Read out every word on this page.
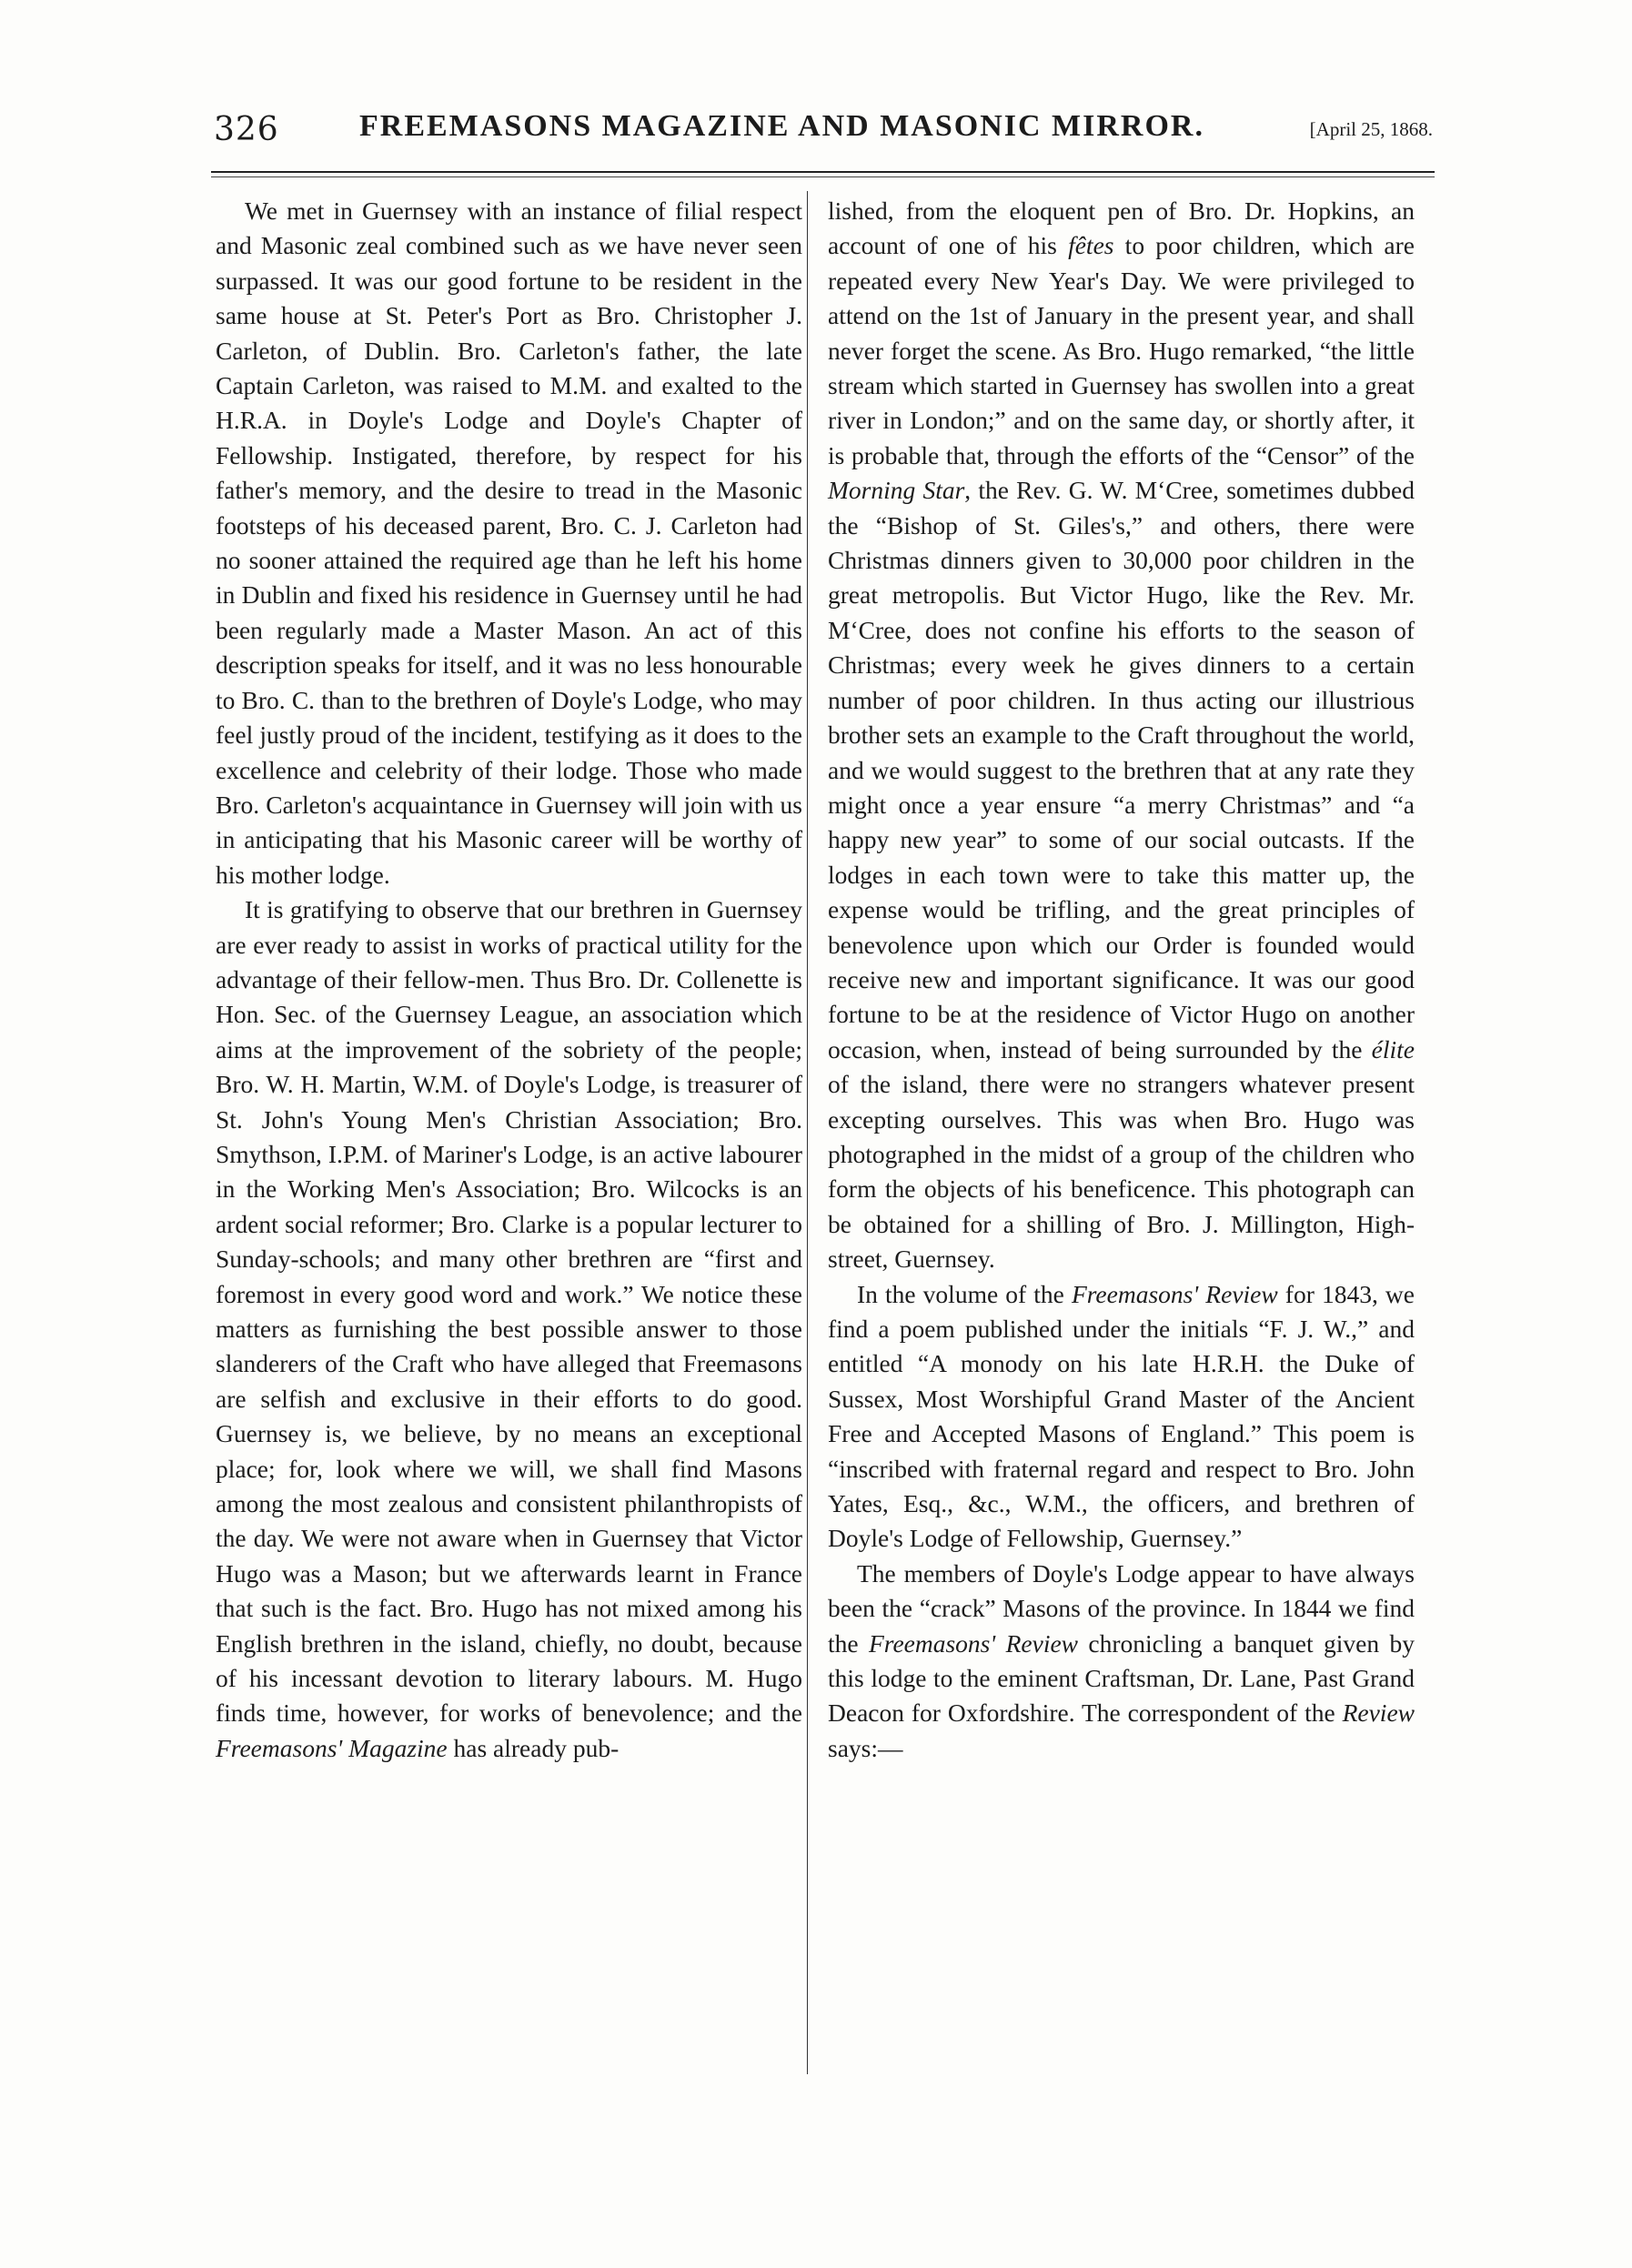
326	FREEMASONS MAGAZINE AND MASONIC MIRROR.	[April 25, 1868.

We met in Guernsey with an instance of filial respect and Masonic zeal combined such as we have never seen surpassed. It was our good fortune to be resident in the same house at St. Peter's Port as Bro. Christopher J. Carleton, of Dublin. Bro. Carleton's father, the late Captain Carleton, was raised to M.M. and exalted to the H.R.A. in Doyle's Lodge and Doyle's Chapter of Fellowship. Instigated, therefore, by respect for his father's memory, and the desire to tread in the Masonic footsteps of his deceased parent, Bro. C. J. Carleton had no sooner attained the required age than he left his home in Dublin and fixed his residence in Guernsey until he had been regularly made a Master Mason. An act of this description speaks for itself, and it was no less honourable to Bro. C. than to the brethren of Doyle's Lodge, who may feel justly proud of the incident, testifying as it does to the excellence and celebrity of their lodge. Those who made Bro. Carleton's acquaintance in Guernsey will join with us in anticipating that his Masonic career will be worthy of his mother lodge.

It is gratifying to observe that our brethren in Guernsey are ever ready to assist in works of practical utility for the advantage of their fellow-men. Thus Bro. Dr. Collenette is Hon. Sec. of the Guernsey League, an association which aims at the improvement of the sobriety of the people; Bro. W. H. Martin, W.M. of Doyle's Lodge, is treasurer of St. John's Young Men's Christian Association; Bro. Smythson, I.P.M. of Mariner's Lodge, is an active labourer in the Working Men's Association; Bro. Wilcocks is an ardent social reformer; Bro. Clarke is a popular lecturer to Sunday-schools; and many other brethren are “first and foremost in every good word and work.” We notice these matters as furnishing the best possible answer to those slanderers of the Craft who have alleged that Freemasons are selfish and exclusive in their efforts to do good. Guernsey is, we believe, by no means an exceptional place; for, look where we will, we shall find Masons among the most zealous and consistent philanthropists of the day. We were not aware when in Guernsey that Victor Hugo was a Mason; but we afterwards learnt in France that such is the fact. Bro. Hugo has not mixed among his English brethren in the island, chiefly, no doubt, because of his incessant devotion to literary labours. M. Hugo finds time, however, for works of benevolence; and the Freemasons' Magazine has already pub-

lished, from the eloquent pen of Bro. Dr. Hopkins, an account of one of his fêtes to poor children, which are repeated every New Year's Day. We were privileged to attend on the 1st of January in the present year, and shall never forget the scene. As Bro. Hugo remarked, “the little stream which started in Guernsey has swollen into a great river in London;” and on the same day, or shortly after, it is probable that, through the efforts of the “Censor” of the Morning Star, the Rev. G. W. M‘Cree, sometimes dubbed the “Bishop of St. Giles's,” and others, there were Christmas dinners given to 30,000 poor children in the great metropolis. But Victor Hugo, like the Rev. Mr. M‘Cree, does not confine his efforts to the season of Christmas; every week he gives dinners to a certain number of poor children. In thus acting our illustrious brother sets an example to the Craft throughout the world, and we would suggest to the brethren that at any rate they might once a year ensure “a merry Christmas” and “a happy new year” to some of our social outcasts. If the lodges in each town were to take this matter up, the expense would be trifling, and the great principles of benevolence upon which our Order is founded would receive new and important significance. It was our good fortune to be at the residence of Victor Hugo on another occasion, when, instead of being surrounded by the élite of the island, there were no strangers whatever present excepting ourselves. This was when Bro. Hugo was photographed in the midst of a group of the children who form the objects of his beneficence. This photograph can be obtained for a shilling of Bro. J. Millington, High-street, Guernsey.

In the volume of the Freemasons' Review for 1843, we find a poem published under the initials “F. J. W.,” and entitled “A monody on his late H.R.H. the Duke of Sussex, Most Worshipful Grand Master of the Ancient Free and Accepted Masons of England.” This poem is “inscribed with fraternal regard and respect to Bro. John Yates, Esq., &c., W.M., the officers, and brethren of Doyle's Lodge of Fellowship, Guernsey.”

The members of Doyle's Lodge appear to have always been the “crack” Masons of the province. In 1844 we find the Freemasons' Review chronicling a banquet given by this lodge to the eminent Craftsman, Dr. Lane, Past Grand Deacon for Oxfordshire. The correspondent of the Review says:—
